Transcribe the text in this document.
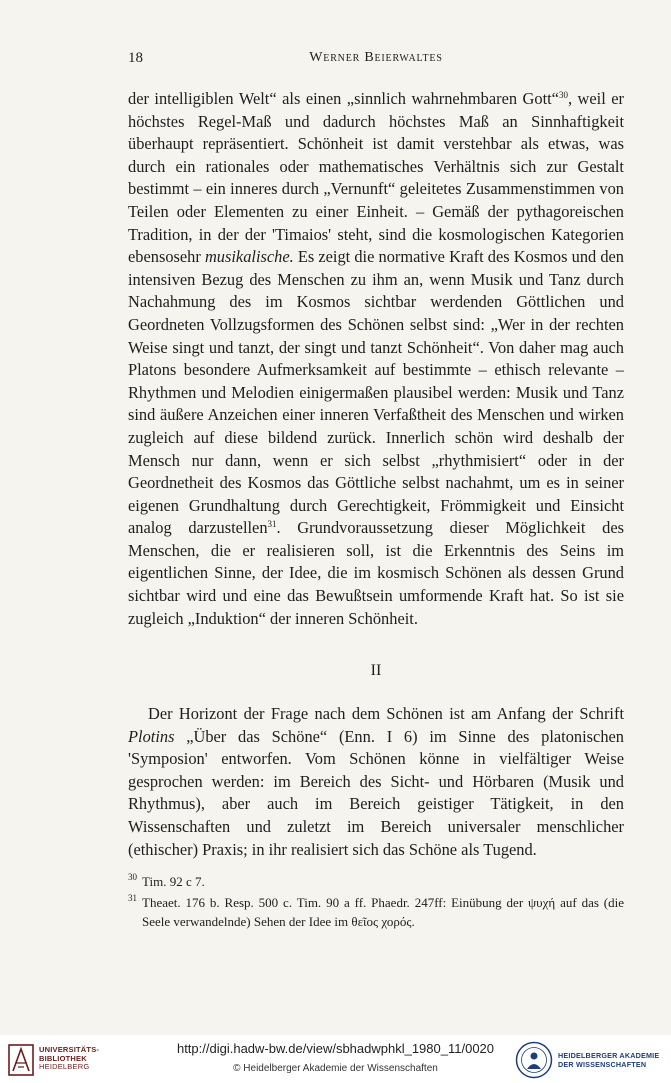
18	Werner Beierwaltes

der intelligiblen Welt“ als einen „sinnlich wahrnehmbaren Gott“$^{30}$, weil er höchstes Regel-Maß und dadurch höchstes Maß an Sinnhaftigkeit überhaupt repräsentiert. Schönheit ist damit verstehbar als etwas, was durch ein rationales oder mathematisches Verhältnis sich zur Gestalt bestimmt – ein inneres durch „Vernunft“ geleitetes Zusammenstimmen von Teilen oder Elementen zu einer Einheit. – Gemäß der pythagoreischen Tradition, in der der 'Timaios' steht, sind die kosmologischen Kategorien ebensosehr musikalische. Es zeigt die normative Kraft des Kosmos und den intensiven Bezug des Menschen zu ihm an, wenn Musik und Tanz durch Nachahmung des im Kosmos sichtbar werdenden Göttlichen und Geordneten Vollzugsformen des Schönen selbst sind: „Wer in der rechten Weise singt und tanzt, der singt und tanzt Schönheit“. Von daher mag auch Platons besondere Aufmerksamkeit auf bestimmte – ethisch relevante – Rhythmen und Melodien einigermaßen plausibel werden: Musik und Tanz sind äußere Anzeichen einer inneren Verfaßtheit des Menschen und wirken zugleich auf diese bildend zurück. Innerlich schön wird deshalb der Mensch nur dann, wenn er sich selbst „rhythmisiert“ oder in der Geordnetheit des Kosmos das Göttliche selbst nachahmt, um es in seiner eigenen Grundhaltung durch Gerechtigkeit, Frömmigkeit und Einsicht analog darzustellen$^{31}$. Grundvoraussetzung dieser Möglichkeit des Menschen, die er realisieren soll, ist die Erkenntnis des Seins im eigentlichen Sinne, der Idee, die im kosmisch Schönen als dessen Grund sichtbar wird und eine das Bewußtsein umformende Kraft hat. So ist sie zugleich „Induktion“ der inneren Schönheit.

II

Der Horizont der Frage nach dem Schönen ist am Anfang der Schrift Plotins „Über das Schöne“ (Enn. I 6) im Sinne des platonischen 'Symposion' entworfen. Vom Schönen könne in vielfältiger Weise gesprochen werden: im Bereich des Sicht- und Hörbaren (Musik und Rhythmus), aber auch im Bereich geistiger Tätigkeit, in den Wissenschaften und zuletzt im Bereich universaler menschlicher (ethischer) Praxis; in ihr realisiert sich das Schöne als Tugend.

30 Tim. 92 c 7.

31 Theaet. 176 b. Resp. 500 c. Tim. 90 a ff. Phaedr. 247ff: Einübung der ψυχή auf das (die Seele verwandelnde) Sehen der Idee im θεῖος χορός.

UNIVERSITÄTS-
BIBLIOTHEK
HEIDELBERG
http://digi.hadw-bw.de/view/sbhadwphkl_1980_11/0020
© Heidelberger Akademie der Wissenschaften
HEIDELBERGER AKADEMIE
DER WISSENSCHAFTEN
